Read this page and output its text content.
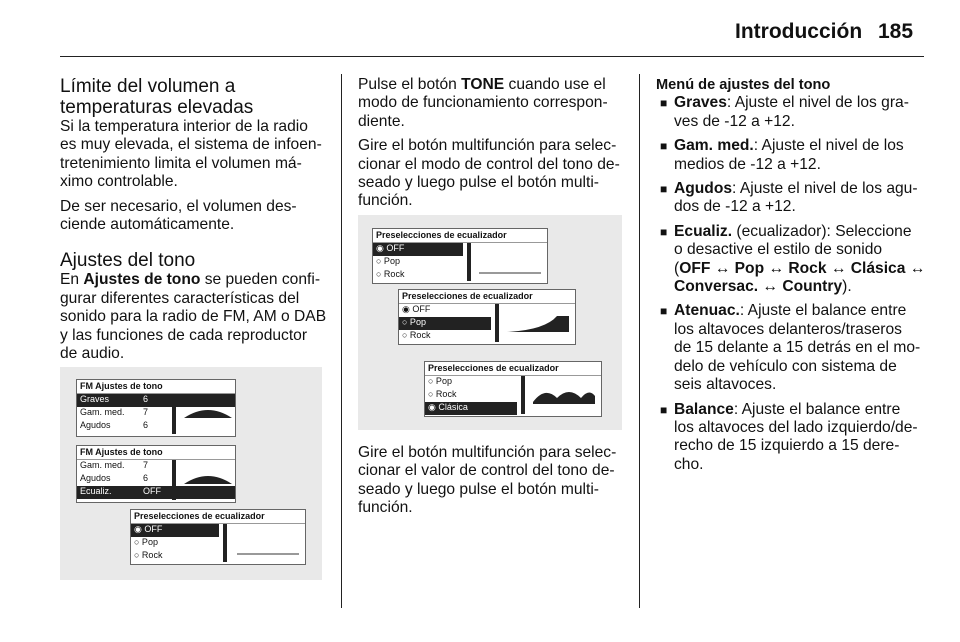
Introducción 185
Límite del volumen a
temperaturas elevadas
Si la temperatura interior de la radio
es muy elevada, el sistema de infoen-
tretenimiento limita el volumen má-
ximo controlable.
De ser necesario, el volumen des-
ciende automáticamente.
Ajustes del tono
En Ajustes de tono se pueden confi-
gurar diferentes características del
sonido para la radio de FM, AM o DAB
y las funciones de cada reproductor
de audio.
FM Ajustes de tono
Graves	6
Gam. med. 7
Agudos	6
FM Ajustes de tono
Gam. med. 7
Agudos	6
Ecualiz.	OFF
Preselecciones de ecualizador
◉ OFF
○ Pop
○ Rock
Pulse el botón TONE cuando use el
modo de funcionamiento correspon-
diente.
Gire el botón multifunción para selec-
cionar el modo de control del tono de-
seado y luego pulse el botón multi-
función.
Preselecciones de ecualizador
◉ OFF
○ Pop
○ Rock
Preselecciones de ecualizador
◉ OFF
○ Pop
○ Rock
Preselecciones de ecualizador
○ Pop
○ Rock
◉ Clásica
Gire el botón multifunción para selec-
cionar el valor de control del tono de-
seado y luego pulse el botón multi-
función.
Menú de ajustes del tono
■ Graves: Ajuste el nivel de los gra-
ves de -12 a +12.
■ Gam. med.: Ajuste el nivel de los
medios de -12 a +12.
■ Agudos: Ajuste el nivel de los agu-
dos de -12 a +12.
■ Ecualiz. (ecualizador): Seleccione
o desactive el estilo de sonido
(OFF ↔ Pop ↔ Rock ↔ Clásica ↔
Conversac. ↔ Country).
■ Atenuac.: Ajuste el balance entre
los altavoces delanteros/traseros
de 15 delante a 15 detrás en el mo-
delo de vehículo con sistema de
seis altavoces.
■ Balance: Ajuste el balance entre
los altavoces del lado izquierdo/de-
recho de 15 izquierdo a 15 dere-
cho.
